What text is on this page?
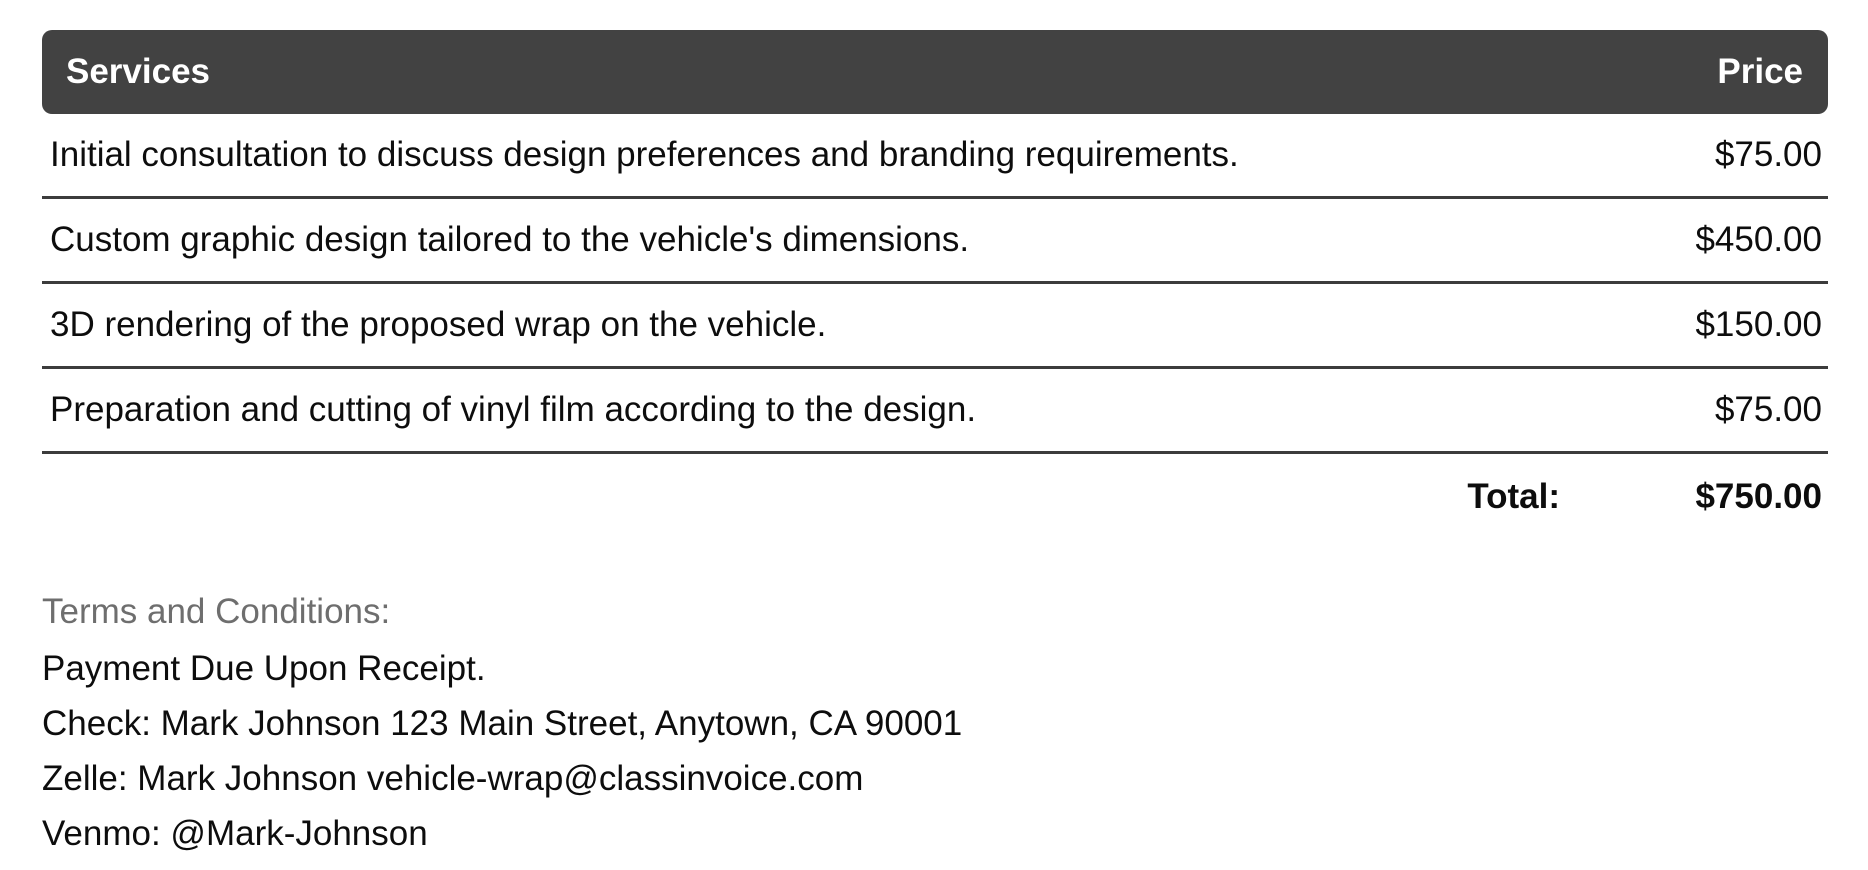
Services	Price
Initial consultation to discuss design preferences and branding requirements.	$75.00
Custom graphic design tailored to the vehicle's dimensions.	$450.00
3D rendering of the proposed wrap on the vehicle.	$150.00
Preparation and cutting of vinyl film according to the design.	$75.00
Total:	$750.00
Terms and Conditions:
Payment Due Upon Receipt.
Check: Mark Johnson 123 Main Street, Anytown, CA 90001
Zelle: Mark Johnson vehicle-wrap@classinvoice.com
Venmo: @Mark-Johnson
